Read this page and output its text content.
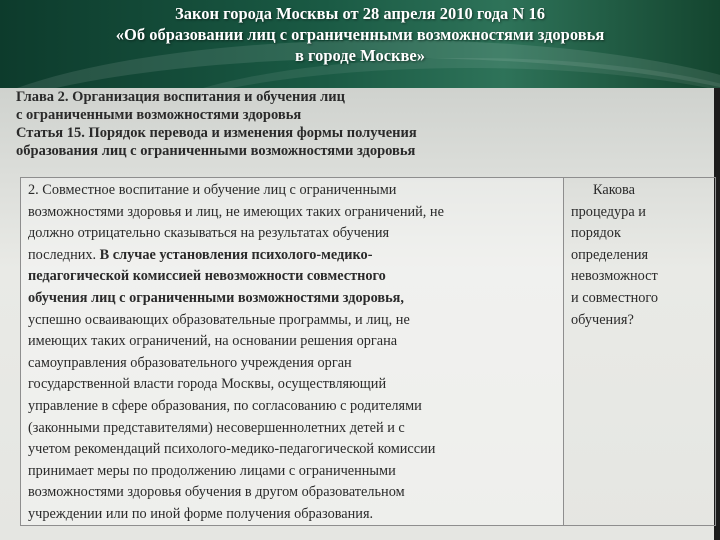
Закон города Москвы от 28 апреля 2010 года N 16
«Об образовании лиц с ограниченными возможностями здоровья
в городе Москве»
Глава 2. Организация воспитания и обучения лиц
с ограниченными возможностями здоровья
Статья 15. Порядок перевода и изменения формы получения
образования лиц с ограниченными возможностями здоровья
2. Совместное воспитание и обучение лиц с ограниченными
возможностями здоровья и лиц, не имеющих таких ограничений, не
должно отрицательно сказываться на результатах обучения
последних. В случае установления психолого-медико-
педагогической комиссией невозможности совместного
обучения лиц с ограниченными возможностями здоровья,
успешно осваивающих образовательные программы, и лиц, не
имеющих таких ограничений, на основании решения органа
самоуправления образовательного учреждения орган
государственной власти города Москвы, осуществляющий
управление в сфере образования, по согласованию с родителями
(законными представителями) несовершеннолетних детей и с
учетом рекомендаций психолого-медико-педагогической комиссии
принимает меры по продолжению лицами с ограниченными
возможностями здоровья обучения в другом образовательном
учреждении или по иной форме получения образования.
Какова
процедура и
порядок
определения
невозможност
и совместного
обучения?
